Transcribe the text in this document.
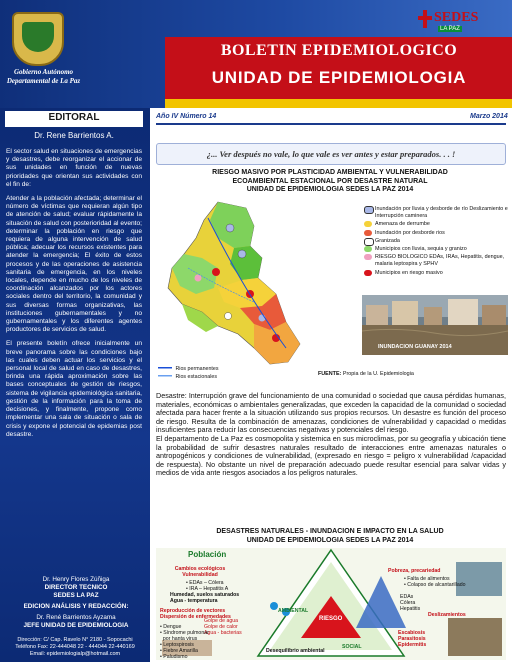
Gobierno Autónomo
Departamental de La Paz
BOLETIN EPIDEMIOLOGICO
UNIDAD DE EPIDEMIOLOGIA
SEDES
LA PAZ
EDITORAL
Dr. Rene Barrientos A.

El sector salud en situaciones de emergencias y desastres, debe reorganizar el accionar de sus unidades en función de nuevas prioridades que orientan sus actividades con el fin de:

Atender a la población afectada; determinar el número de víctimas que requieran algún tipo de atención de salud; evaluar rápidamente la situación de salud con posterioridad al evento; determinar la población en riesgo que requiera de alguna intervención de salud pública; adecuar los recursos existentes para atender la emergencia; El éxito de estos procesos y de las operaciones de asistencia sanitaria de emergencia, en los niveles locales, depende en mucho de los niveles de coordinación alcanzados por los actores sociales dentro del territorio, la comunidad y sus diversas formas organizativas, las instituciones gubernamentales y no gubernamentales y los diferentes agentes productores de servicios de salud.

El presente boletín ofrece inicialmente un breve panorama sobre las condiciones bajo las cuales deben actuar los servicios y el personal local de salud en caso de desastres, brinda una rápida aproximación sobre las bases conceptuales de gestión de riesgos, sistema de vigilancia epidemiológica sanitaria, gestión de la información para la toma de decisiones, y finalmente, propone como implementar una sala de situación o sala de crisis y expone el potencial de epidemias post desastre.

Dr. Henry Flores Zúñiga
DIRECTOR TECNICO
SEDES LA PAZ

EDICION ANÁLISIS Y REDACCIÓN:

Dr. René Barrientos Ayzama
JEFE UNIDAD DE EPIDEMIOLOGIA

Dirección: C/ Cap. Ravelo N° 2180 - Sopocachi
Teléfono Fax: 22-444048 22 - 444044 22-440169
Email: epidemiologialp@hotmail.com
Año IV Número 14	Marzo 2014
¿... Ver después no vale, lo que vale es ver antes y estar preparados. . . !
RIESGO MASIVO POR PLASTICIDAD AMBIENTAL Y VULNERABILIDAD
ECOAMBIENTAL ESTACIONAL POR DESASTRE NATURAL
UNIDAD DE EPIDEMIOLOGIA SEDES LA PAZ 2014
Inundación por lluvia y desborde de río Deslizamiento e Interrupción caminera
Amenaza de derrumbe
Inundación por desborde rios
Granizada
Municipios con lluvia, sequia y granizo
RIESGO BIOLOGICO EDAs, IRAs, Hepatitis, dengue, malaria leptospira y SPHV
Municipios en riesgo masivo
INUNDACION GUANAY 2014
Rios permanentes
Rios estacionales	FUENTE: Propia de la U. Epidemiologia

Desastre: Interrupción grave del funcionamiento de una comunidad o sociedad que causa pérdidas humanas, materiales, económicas o ambientales generalizadas, que exceden la capacidad de la comunidad o sociedad afectada para hacer frente a la situación utilizando sus propios recursos. Un desastre es función del proceso de riesgo. Resulta de la combinación de amenazas, condiciones de vulnerabilidad y capacidad o medidas insuficientes para reducir las consecuencias negativas y potenciales del riesgo.

El departamento de La Paz es cosmopolita y sistemica en sus microclimas, por su geografía y ubicación tiene la probabilidad de sufrir desastres naturales resultado de interacciones entre amenazas naturales o antropogénicos y condiciones de vulnerabilidad, (expresado en riesgo = peligro x vulnerabilidad /capacidad de respuesta). No obstante un nivel de preparación adecuado puede resultar esencial para salvar vidas y medios de vida ante riesgos asociados a los peligros naturales.

DESASTRES NATURALES - INUNDACION E IMPACTO EN LA SALUD
UNIDAD DE EPIDEMIOLOGIA SEDES LA PAZ 2014
Población
Cambios ecológicos Vulnerabilidad
• EDAs – Cólera
• IRA – Hepatitis A
Humedad, suelos saturados
Agua - temperatura
Reproducción de vectores
Dispersión de enfermedades
Golpe de agua
Golpe de calor
Agua - bacterias
• Dengue
• Síndrome pulmonar
por hanta virus
• Leptospirosis
• Fiebre Amarilla
• Paludismo
Pobreza, precariedad
• Falta de alimentos
• Colapso de alcantarillado
EDAs
Cólera
Hepatitis
Deslizamientos
Escabiosis
Parasitosis
Epidermitis
RIESGO
AMBIENTAL
SOCIAL
Desequilibrio ambiental
